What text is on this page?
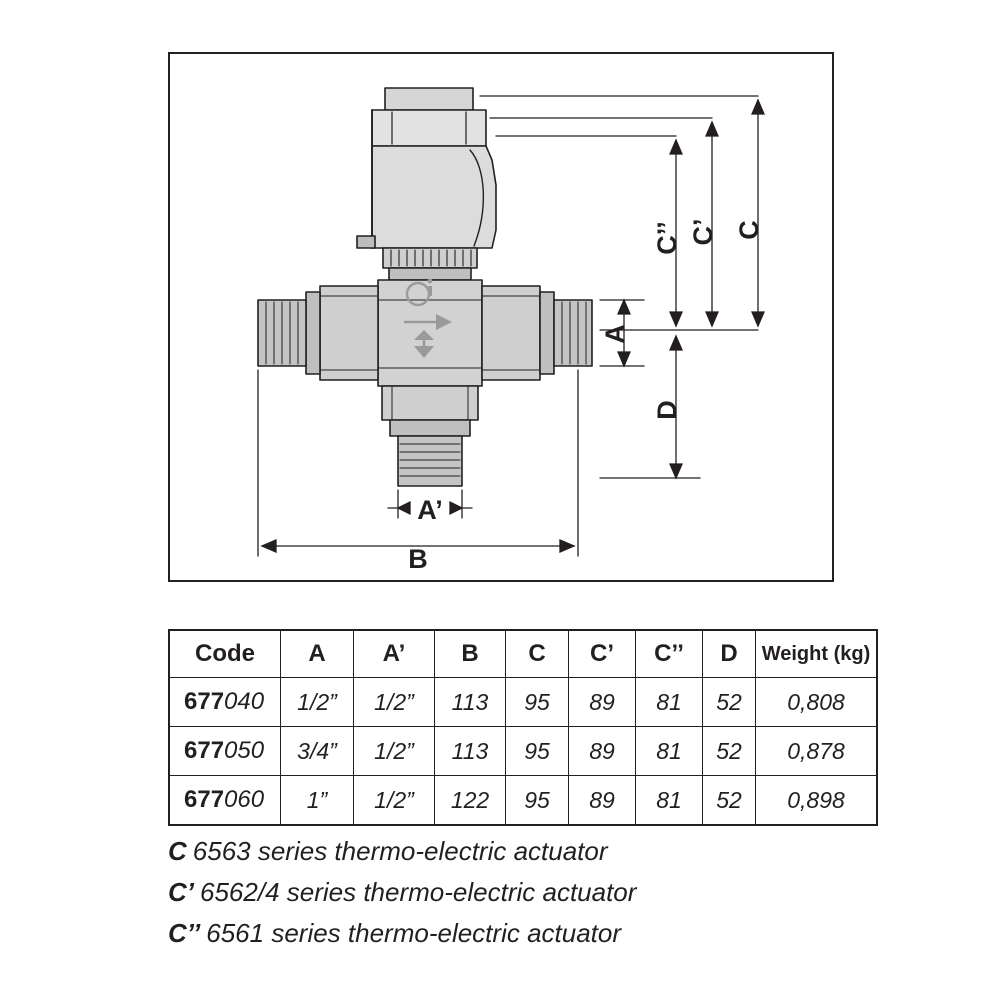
C
C’
C’’
D
A
A’
B
Code	A	A’	B	C	C’	C’’	D	Weight (kg)
677040	1/2”	1/2”	113	95	89	81	52	0,808
677050	3/4”	1/2”	113	95	89	81	52	0,878
677060	1”	1/2”	122	95	89	81	52	0,898
C 6563 series thermo-electric actuator
C’ 6562/4 series thermo-electric actuator
C’’ 6561 series thermo-electric actuator
